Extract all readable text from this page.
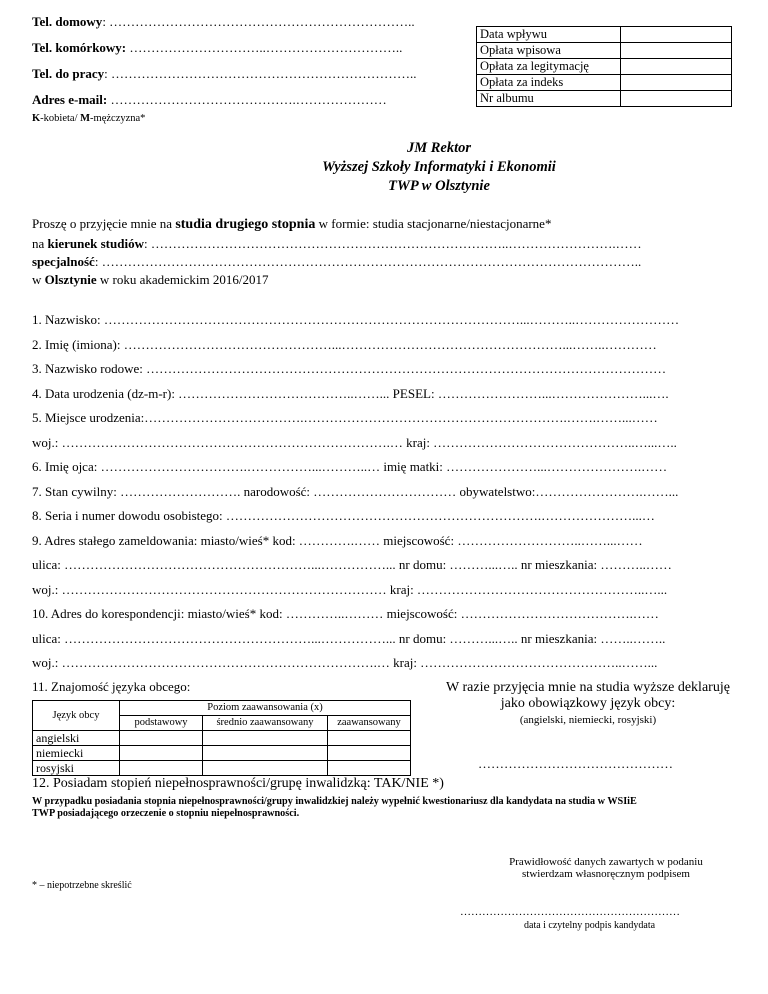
Tel. domowy: ……………………………………………………………..
Tel. komórkowy: …………………………..…………………………..
Tel. do pracy: ……………………………………………………………..
Adres e-mail: …………………………………….…………………
Data wpływu	
Opłata wpisowa	
Opłata za legitymację	
Opłata za indeks	
Nr albumu	
K-kobieta/ M-mężczyzna*
JM Rektor
Wyższej Szkoły Informatyki i Ekonomii
TWP w Olsztynie
Proszę o przyjęcie mnie na studia drugiego stopnia w formie: studia stacjonarne/niestacjonarne*
na kierunek studiów: ………………………………………………………………………..…………………….……
specjalność: ……………………………………………………………………………………………………………..
w Olsztynie w roku akademickim 2016/2017
1. Nazwisko: ……………………………………………………………………………………...………..……………………
2. Imię (imiona): …………………………………………...……………………………………………...……..…………
3. Nazwisko rodowe: …………………………………………………………………………………………………………
4. Data urodzenia (dz-m-r): …………………………………..……... PESEL: ……………………...…………………...….
5. Miejsce urodzenia:……………………………….…………………………………………………….…….……...……
woj.: ………………………………………………………………….… kraj: ………………………………………..…...…..
6. Imię ojca: …………………………….……………...………..… imię matki: …………………...………………….……
7. Stan cywilny: ………………………. narodowość: …………………………… obywatelstwo:…………………….……...
8. Seria i numer dowodu osobistego: ……………………………………………………………….…………………...…
9. Adres stałego zameldowania: miasto/wieś* kod: ………….…… miejscowość: ………………………..……...……
ulica: …………………………………………………...……………... nr domu: ………...….. nr mieszkania: ………..……
woj.: ………………………………………………………………… kraj: ……………………………………………..…...
10. Adres do korespondencji: miasto/wieś* kod: …………..……… miejscowość: ………………………………….……
ulica: …………………………………………………...……………... nr domu: ………...….. nr mieszkania: ……..……..
woj.: ……………………………………………………………….… kraj: ………………………………………..……...
11. Znajomość języka obcego:
Język obcy	Poziom zaawansowania (x)		
	podstawowy	średnio zaawansowany	zaawansowany
angielski			
niemiecki			
rosyjski			
W razie przyjęcia mnie na studia wyższe deklaruję
jako obowiązkowy język obcy:
(angielski, niemiecki, rosyjski)
………………………………………
12. Posiadam stopień niepełnosprawności/grupę inwalidzką: TAK/NIE *)
W przypadku posiadania stopnia niepełnosprawności/grupy inwalidzkiej należy wypełnić kwestionariusz dla kandydata na studia w WSIiE
TWP posiadającego orzeczenie o stopniu niepełnosprawności.
Prawidłowość danych zawartych w podaniu
stwierdzam własnoręcznym podpisem
* – niepotrzebne skreślić
……………………………………………………
data i czytelny podpis kandydata
